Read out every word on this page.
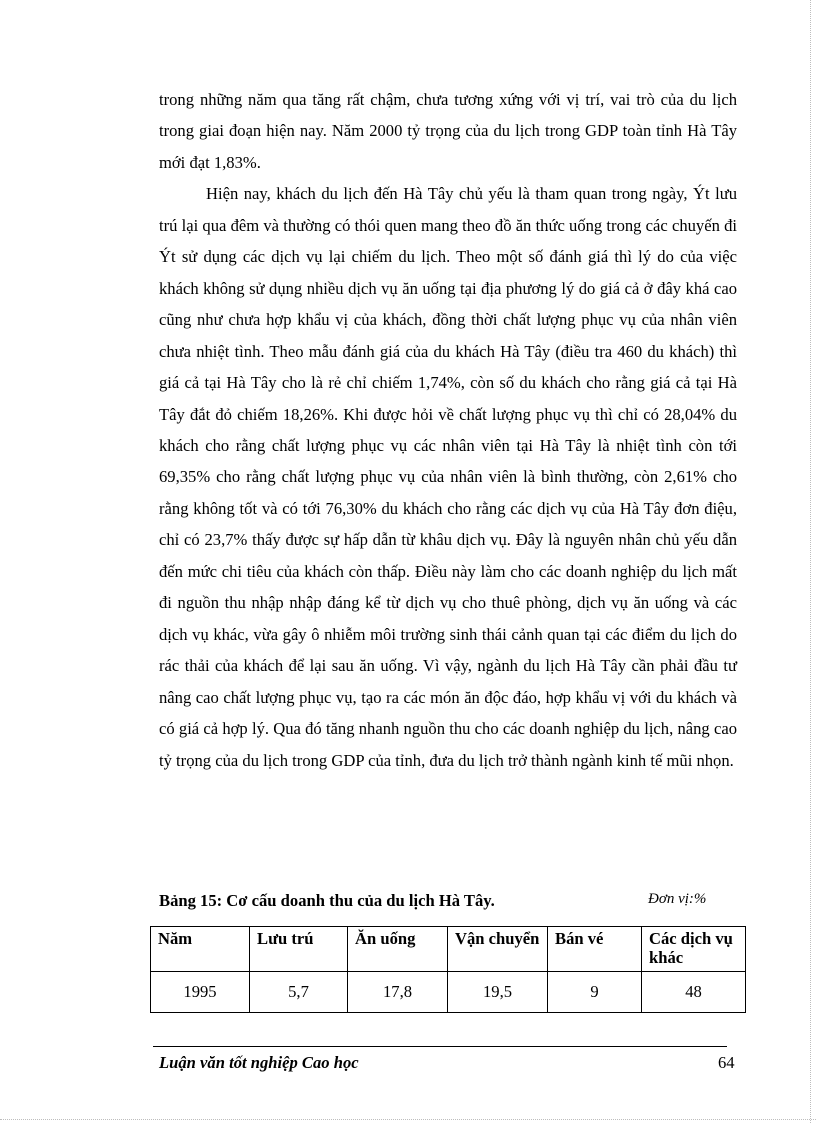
trong những năm qua tăng rất chậm, chưa tương xứng với vị trí, vai trò của du lịch trong giai đoạn hiện nay. Năm 2000 tỷ trọng của du lịch trong GDP toàn tỉnh Hà Tây mới đạt 1,83%.

Hiện nay, khách du lịch đến Hà Tây chủ yếu là tham quan trong ngày, Ýt lưu trú lại qua đêm và thường có thói quen mang theo đồ ăn thức uống trong các chuyến đi Ýt sử dụng các dịch vụ lại chiếm du lịch. Theo một số đánh giá thì lý do của việc khách không sử dụng nhiều dịch vụ ăn uống tại địa phương lý do giá cả ở đây khá cao cũng như chưa hợp khẩu vị của khách, đồng thời chất lượng phục vụ của nhân viên chưa nhiệt tình. Theo mẫu đánh giá của du khách Hà Tây (điều tra 460 du khách) thì giá cả tại Hà Tây cho là rẻ chỉ chiếm 1,74%, còn số du khách cho rằng giá cả tại Hà Tây đắt đỏ chiếm 18,26%. Khi được hỏi về chất lượng phục vụ thì chỉ có 28,04% du khách cho rằng chất lượng phục vụ các nhân viên tại Hà Tây là nhiệt tình còn tới 69,35% cho rằng chất lượng phục vụ của nhân viên là bình thường, còn 2,61% cho rằng không tốt và có tới 76,30% du khách cho rằng các dịch vụ của Hà Tây đơn điệu, chỉ có 23,7% thấy được sự hấp dẫn từ khâu dịch vụ. Đây là nguyên nhân chủ yếu dẫn đến mức chi tiêu của khách còn thấp. Điều này làm cho các doanh nghiệp du lịch mất đi nguồn thu nhập nhập đáng kể từ dịch vụ cho thuê phòng, dịch vụ ăn uống và các dịch vụ khác, vừa gây ô nhiễm môi trường sinh thái cảnh quan tại các điểm du lịch do rác thải của khách để lại sau ăn uống. Vì vậy, ngành du lịch Hà Tây cần phải đầu tư nâng cao chất lượng phục vụ, tạo ra các món ăn độc đáo, hợp khẩu vị với du khách và có giá cả hợp lý. Qua đó tăng nhanh nguồn thu cho các doanh nghiệp du lịch, nâng cao tỷ trọng của du lịch trong GDP của tỉnh, đưa du lịch trở thành ngành kinh tế mũi nhọn.

Bảng 15: Cơ cấu doanh thu của du lịch Hà Tây.	Đơn vị:%
Năm	Lưu trú	Ăn uống	Vận chuyển	Bán vé	Các dịch vụ khác
1995	5,7	17,8	19,5	9	48
Luận văn tốt nghiệp Cao học	64
